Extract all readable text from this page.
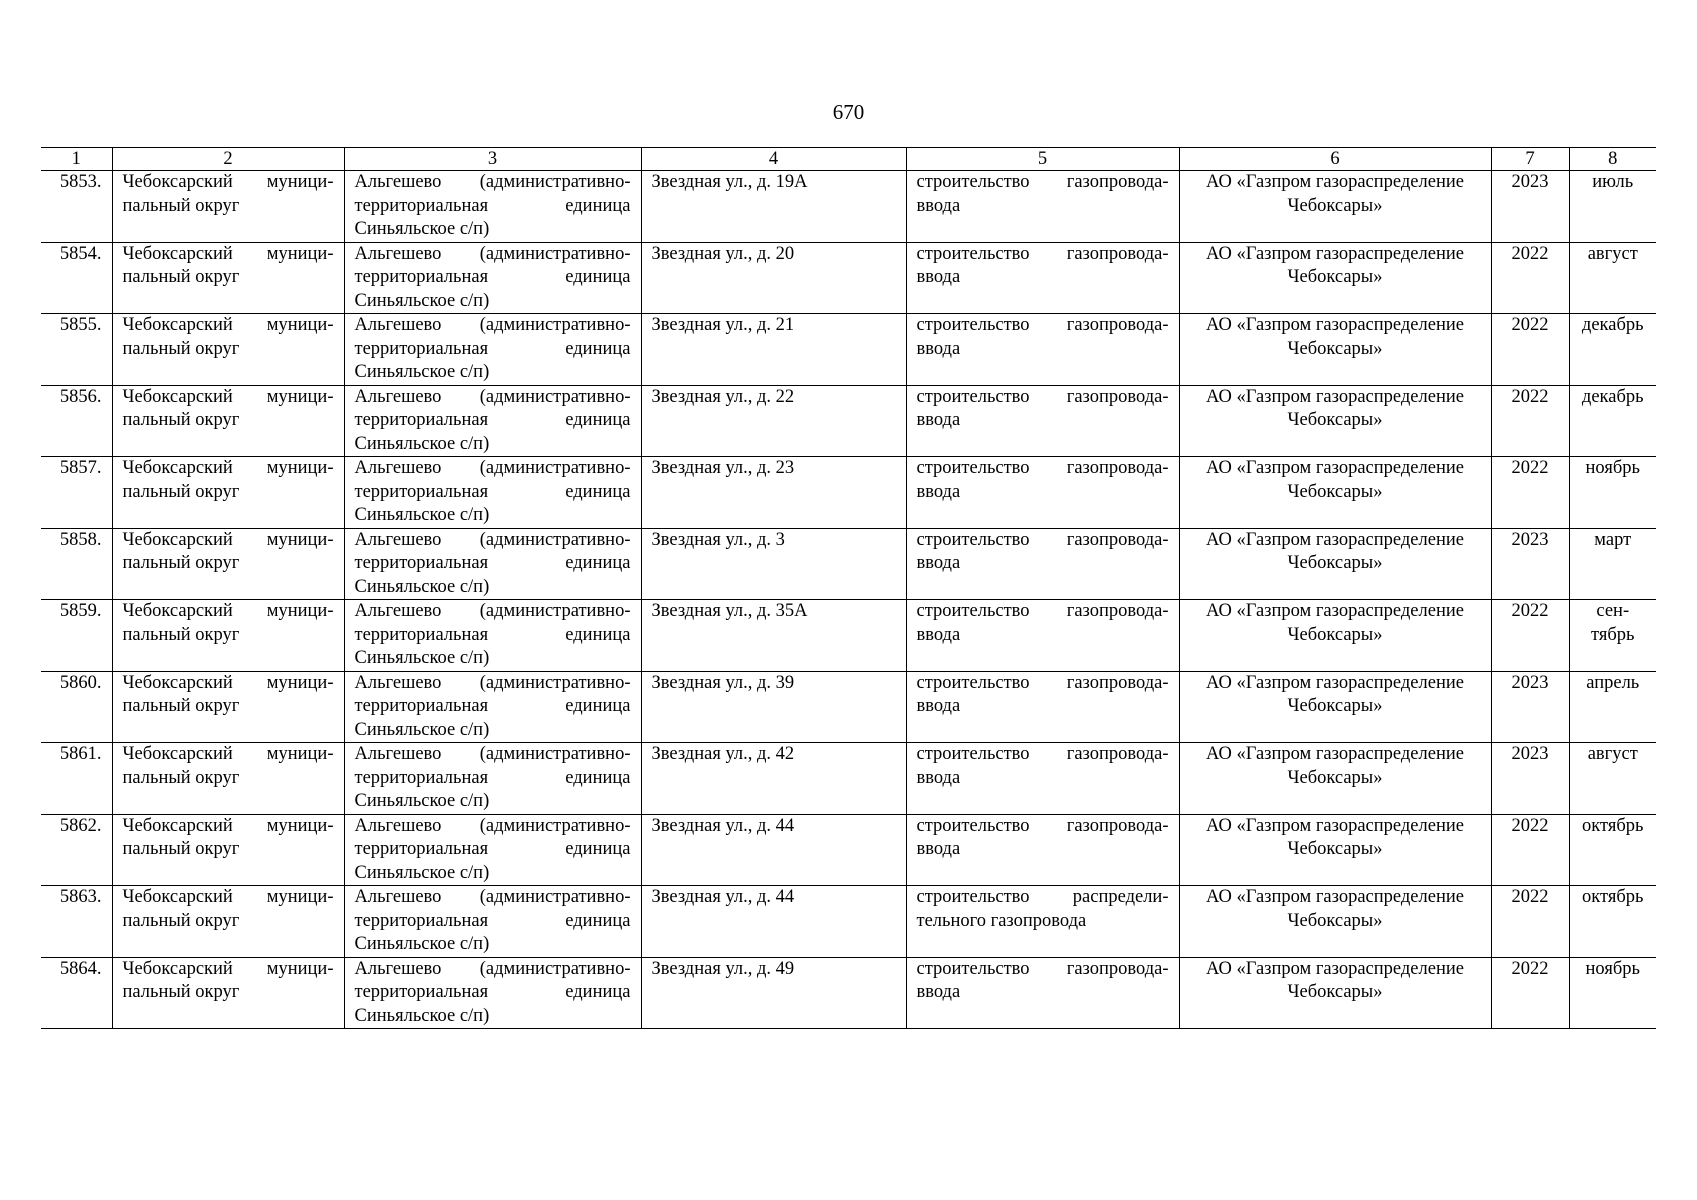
670
1	2	3	4	5	6	7	8
5853.	Чебоксарский муници-пальный округ	Альгешево (административно-территориальная единица Синьяльское с/п)	Звездная ул., д. 19А	строительство газопровода-ввода	АО «Газпром газораспределение Чебоксары»	2023	июль
5854.	Чебоксарский муници-пальный округ	Альгешево (административно-территориальная единица Синьяльское с/п)	Звездная ул., д. 20	строительство газопровода-ввода	АО «Газпром газораспределение Чебоксары»	2022	август
5855.	Чебоксарский муници-пальный округ	Альгешево (административно-территориальная единица Синьяльское с/п)	Звездная ул., д. 21	строительство газопровода-ввода	АО «Газпром газораспределение Чебоксары»	2022	декабрь
5856.	Чебоксарский муници-пальный округ	Альгешево (административно-территориальная единица Синьяльское с/п)	Звездная ул., д. 22	строительство газопровода-ввода	АО «Газпром газораспределение Чебоксары»	2022	декабрь
5857.	Чебоксарский муници-пальный округ	Альгешево (административно-территориальная единица Синьяльское с/п)	Звездная ул., д. 23	строительство газопровода-ввода	АО «Газпром газораспределение Чебоксары»	2022	ноябрь
5858.	Чебоксарский муници-пальный округ	Альгешево (административно-территориальная единица Синьяльское с/п)	Звездная ул., д. 3	строительство газопровода-ввода	АО «Газпром газораспределение Чебоксары»	2023	март
5859.	Чебоксарский муници-пальный округ	Альгешево (административно-территориальная единица Синьяльское с/п)	Звездная ул., д. 35А	строительство газопровода-ввода	АО «Газпром газораспределение Чебоксары»	2022	сен-тябрь
5860.	Чебоксарский муници-пальный округ	Альгешево (административно-территориальная единица Синьяльское с/п)	Звездная ул., д. 39	строительство газопровода-ввода	АО «Газпром газораспределение Чебоксары»	2023	апрель
5861.	Чебоксарский муници-пальный округ	Альгешево (административно-территориальная единица Синьяльское с/п)	Звездная ул., д. 42	строительство газопровода-ввода	АО «Газпром газораспределение Чебоксары»	2023	август
5862.	Чебоксарский муници-пальный округ	Альгешево (административно-территориальная единица Синьяльское с/п)	Звездная ул., д. 44	строительство газопровода-ввода	АО «Газпром газораспределение Чебоксары»	2022	октябрь
5863.	Чебоксарский муници-пальный округ	Альгешево (административно-территориальная единица Синьяльское с/п)	Звездная ул., д. 44	строительство распредели-тельного газопровода	АО «Газпром газораспределение Чебоксары»	2022	октябрь
5864.	Чебоксарский муници-пальный округ	Альгешево (административно-территориальная единица Синьяльское с/п)	Звездная ул., д. 49	строительство газопровода-ввода	АО «Газпром газораспределение Чебоксары»	2022	ноябрь
